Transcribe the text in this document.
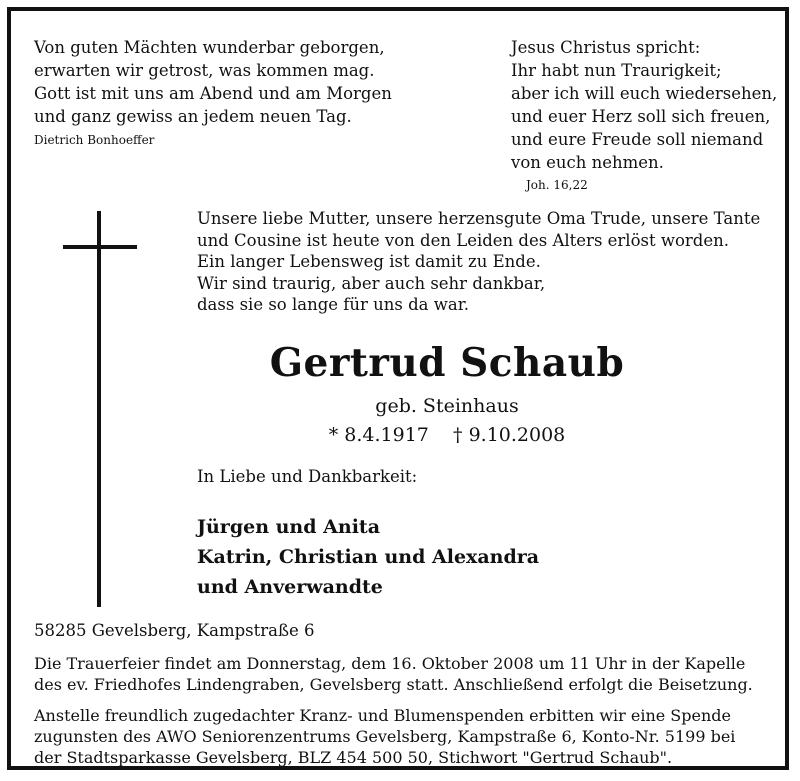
Von guten Mächten wunderbar geborgen,
erwarten wir getrost, was kommen mag.
Gott ist mit uns am Abend und am Morgen
und ganz gewiss an jedem neuen Tag.
Dietrich Bonhoeffer
Jesus Christus spricht:
Ihr habt nun Traurigkeit;
aber ich will euch wiedersehen,
und euer Herz soll sich freuen,
und eure Freude soll niemand
von euch nehmen.
Joh. 16,22
Unsere liebe Mutter, unsere herzensgute Oma Trude, unsere Tante
und Cousine ist heute von den Leiden des Alters erlöst worden.
Ein langer Lebensweg ist damit zu Ende.
Wir sind traurig, aber auch sehr dankbar,
dass sie so lange für uns da war.
Gertrud Schaub
geb. Steinhaus
* 8.4.1917    † 9.10.2008
In Liebe und Dankbarkeit:
Jürgen und Anita
Katrin, Christian und Alexandra
und Anverwandte
58285 Gevelsberg, Kampstraße 6
Die Trauerfeier findet am Donnerstag, dem 16. Oktober 2008 um 11 Uhr in der Kapelle
des ev. Friedhofes Lindengraben, Gevelsberg statt. Anschließend erfolgt die Beisetzung.
Anstelle freundlich zugedachter Kranz- und Blumenspenden erbitten wir eine Spende
zugunsten des AWO Seniorenzentrums Gevelsberg, Kampstraße 6, Konto-Nr. 5199 bei
der Stadtsparkasse Gevelsberg, BLZ 454 500 50, Stichwort "Gertrud Schaub".
